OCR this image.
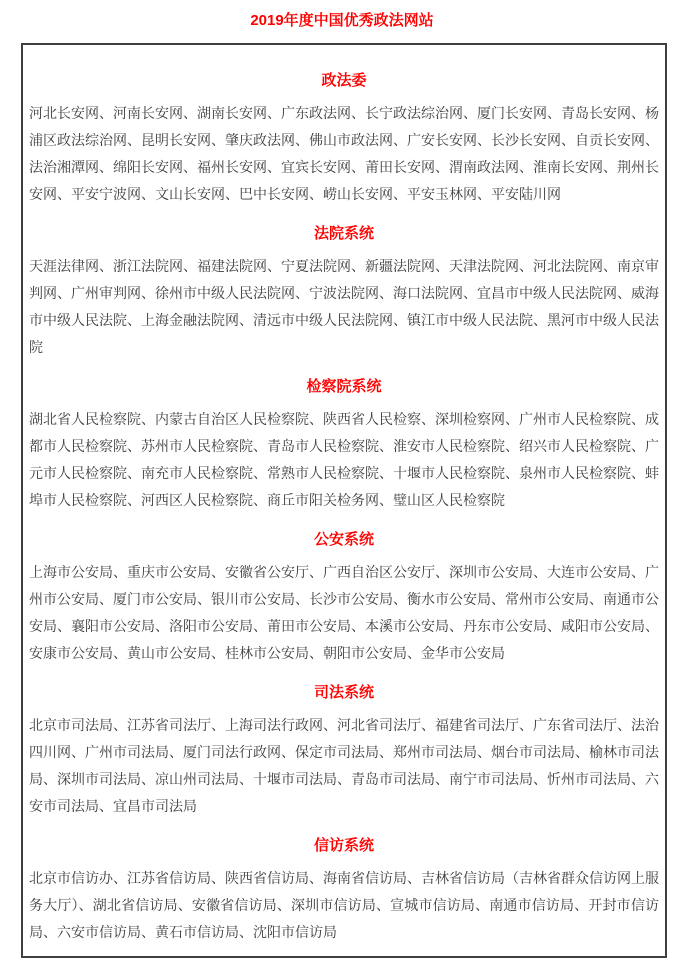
2019年度中国优秀政法网站
政法委

河北长安网、河南长安网、湖南长安网、广东政法网、长宁政法综治网、厦门长安网、青岛长安网、杨浦区政法综治网、昆明长安网、肇庆政法网、佛山市政法网、广安长安网、长沙长安网、自贡长安网、法治湘潭网、绵阳长安网、福州长安网、宜宾长安网、莆田长安网、渭南政法网、淮南长安网、荆州长安网、平安宁波网、文山长安网、巴中长安网、崂山长安网、平安玉林网、平安陆川网

法院系统

天涯法律网、浙江法院网、福建法院网、宁夏法院网、新疆法院网、天津法院网、河北法院网、南京审判网、广州审判网、徐州市中级人民法院网、宁波法院网、海口法院网、宜昌市中级人民法院网、威海市中级人民法院、上海金融法院网、清远市中级人民法院网、镇江市中级人民法院、黑河市中级人民法院

检察院系统

湖北省人民检察院、内蒙古自治区人民检察院、陕西省人民检察、深圳检察网、广州市人民检察院、成都市人民检察院、苏州市人民检察院、青岛市人民检察院、淮安市人民检察院、绍兴市人民检察院、广元市人民检察院、南充市人民检察院、常熟市人民检察院、十堰市人民检察院、泉州市人民检察院、蚌埠市人民检察院、河西区人民检察院、商丘市阳关检务网、璧山区人民检察院

公安系统

上海市公安局、重庆市公安局、安徽省公安厅、广西自治区公安厅、深圳市公安局、大连市公安局、广州市公安局、厦门市公安局、银川市公安局、长沙市公安局、衡水市公安局、常州市公安局、南通市公安局、襄阳市公安局、洛阳市公安局、莆田市公安局、本溪市公安局、丹东市公安局、咸阳市公安局、安康市公安局、黄山市公安局、桂林市公安局、朝阳市公安局、金华市公安局

司法系统

北京市司法局、江苏省司法厅、上海司法行政网、河北省司法厅、福建省司法厅、广东省司法厅、法治四川网、广州市司法局、厦门司法行政网、保定市司法局、郑州市司法局、烟台市司法局、榆林市司法局、深圳市司法局、凉山州司法局、十堰市司法局、青岛市司法局、南宁市司法局、忻州市司法局、六安市司法局、宜昌市司法局

信访系统

北京市信访办、江苏省信访局、陕西省信访局、海南省信访局、吉林省信访局（吉林省群众信访网上服务大厅）、湖北省信访局、安徽省信访局、深圳市信访局、宣城市信访局、南通市信访局、开封市信访局、六安市信访局、黄石市信访局、沈阳市信访局
